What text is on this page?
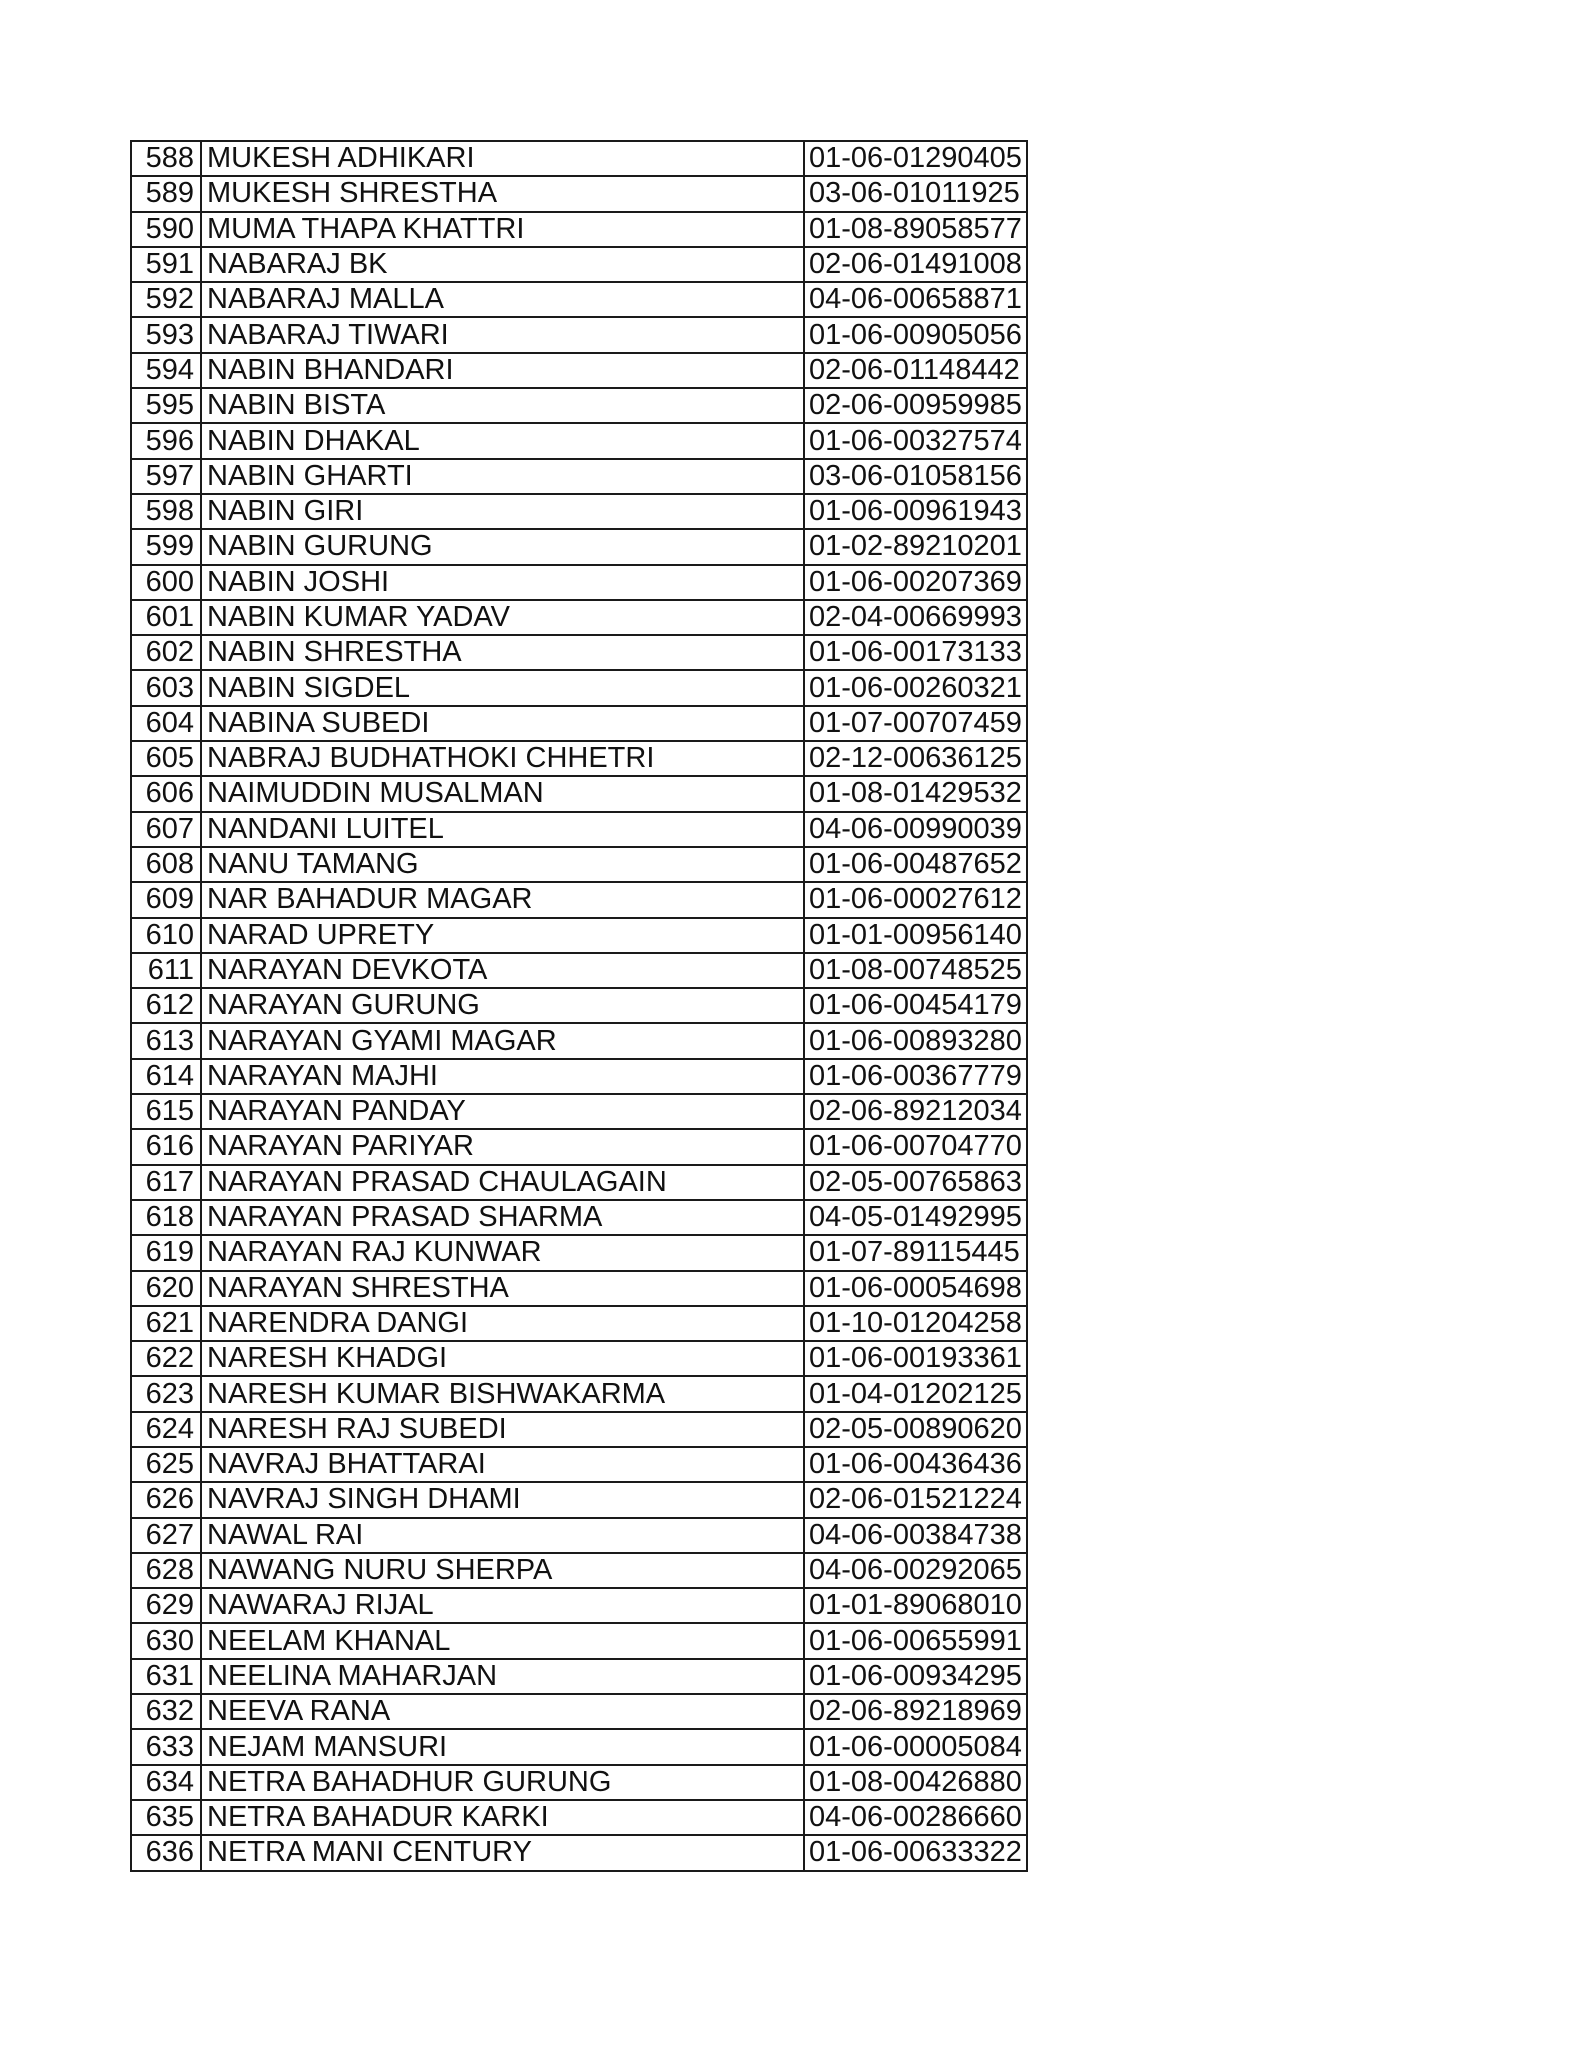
588	MUKESH ADHIKARI	01-06-01290405
589	MUKESH SHRESTHA	03-06-01011925
590	MUMA THAPA KHATTRI	01-08-89058577
591	NABARAJ BK	02-06-01491008
592	NABARAJ MALLA	04-06-00658871
593	NABARAJ TIWARI	01-06-00905056
594	NABIN BHANDARI	02-06-01148442
595	NABIN BISTA	02-06-00959985
596	NABIN DHAKAL	01-06-00327574
597	NABIN GHARTI	03-06-01058156
598	NABIN GIRI	01-06-00961943
599	NABIN GURUNG	01-02-89210201
600	NABIN JOSHI	01-06-00207369
601	NABIN KUMAR YADAV	02-04-00669993
602	NABIN SHRESTHA	01-06-00173133
603	NABIN SIGDEL	01-06-00260321
604	NABINA SUBEDI	01-07-00707459
605	NABRAJ BUDHATHOKI CHHETRI	02-12-00636125
606	NAIMUDDIN MUSALMAN	01-08-01429532
607	NANDANI LUITEL	04-06-00990039
608	NANU TAMANG	01-06-00487652
609	NAR BAHADUR MAGAR	01-06-00027612
610	NARAD UPRETY	01-01-00956140
611	NARAYAN DEVKOTA	01-08-00748525
612	NARAYAN GURUNG	01-06-00454179
613	NARAYAN GYAMI MAGAR	01-06-00893280
614	NARAYAN MAJHI	01-06-00367779
615	NARAYAN PANDAY	02-06-89212034
616	NARAYAN PARIYAR	01-06-00704770
617	NARAYAN PRASAD CHAULAGAIN	02-05-00765863
618	NARAYAN PRASAD SHARMA	04-05-01492995
619	NARAYAN RAJ KUNWAR	01-07-89115445
620	NARAYAN SHRESTHA	01-06-00054698
621	NARENDRA DANGI	01-10-01204258
622	NARESH KHADGI	01-06-00193361
623	NARESH KUMAR BISHWAKARMA	01-04-01202125
624	NARESH RAJ SUBEDI	02-05-00890620
625	NAVRAJ BHATTARAI	01-06-00436436
626	NAVRAJ SINGH DHAMI	02-06-01521224
627	NAWAL RAI	04-06-00384738
628	NAWANG NURU SHERPA	04-06-00292065
629	NAWARAJ RIJAL	01-01-89068010
630	NEELAM KHANAL	01-06-00655991
631	NEELINA MAHARJAN	01-06-00934295
632	NEEVA RANA	02-06-89218969
633	NEJAM MANSURI	01-06-00005084
634	NETRA BAHADHUR GURUNG	01-08-00426880
635	NETRA BAHADUR KARKI	04-06-00286660
636	NETRA MANI CENTURY	01-06-00633322
